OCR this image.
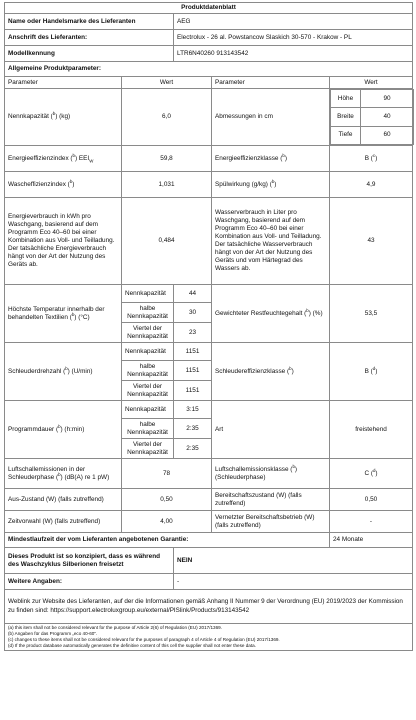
Produktdatenblatt
Name oder Handelsmarke des Lieferanten	AEG
Anschrift des Lieferanten:	Electrolux - 26 al. Powstancow Slaskich 30-570 - Krakow - PL
Modellkennung	LTR6N40260 913143542
Allgemeine Produktparameter:
Parameter	Wert	Parameter	Wert
Nennkapazität ($^b$) (kg)	6,0	Abmessungen in cm	
Höhe	90
Breite	40
Tiefe	60

Energieeffizienzindex ($^b$) $EEI_W$	59,8	Energieeffizienzklasse ($^b$)	B ($^c$)
Wascheffizienzindex ($^b$)	1,031	Spülwirkung (g/kg) ($^b$)	4,9
Energieverbrauch in kWh pro Waschgang, basierend auf dem Programm Eco 40–60 bei einer Kombination aus Voll- und Teilladung. Der tatsächliche Energieverbrauch hängt von der Art der Nutzung des Geräts ab.	0,484	Wasserverbrauch in Liter pro Waschgang, basierend auf dem Programm Eco 40–60 bei einer Kombination aus Voll- und Teilladung. Der tatsächliche Wasserverbrauch hängt von der Art der Nutzung des Geräts und vom Härtegrad des Wassers ab.	43
Höchste Temperatur innerhalb der behandelten Textilien ($^b$) (°C)	Nennkapazität	44	Gewichteter Restfeuchtegehalt ($^b$) (%)	53,5
halbe Nennkapazität	30
Viertel der Nennkapazität	23
Schleuderdrehzahl ($^b$) (U/min)	Nennkapazität	1151	Schleudereffizienzklasse ($^b$)	B ($^d$)
halbe Nennkapazität	1151
Viertel der Nennkapazität	1151
Programmdauer ($^b$) (h:min)	Nennkapazität	3:15	Art	freistehend
halbe Nennkapazität	2:35
Viertel der Nennkapazität	2:35
Luftschallemissionen in der Schleuderphase ($^b$) (dB(A) re 1 pW)	78	Luftschallemissionsklasse ($^b$) (Schleuderphase)	C ($^d$)
Aus-Zustand (W) (falls zutreffend)	0,50	Bereitschaftszustand (W) (falls zutreffend)	0,50
Zeitvorwahl (W) (falls zutreffend)	4,00	Vernetzter Bereitschaftsbetrieb (W) (falls zutreffend)	-
Mindestlaufzeit der vom Lieferanten angebotenen Garantie:	24 Monate
Dieses Produkt ist so konzipiert, dass es während des Waschzyklus Silberionen freisetzt	NEIN
Weitere Angaben:	-
Weblink zur Website des Lieferanten, auf der die Informationen gemäß Anhang II Nummer 9 der Verordnung (EU) 2019/2023 der Kommission zu finden sind: https://support.electroluxgroup.eu/external/PISlink/Products/913143542

(a) this item shall not be considered relevant for the purpose of Article 2(6) of Regulation (EU) 2017/1369.
(b) Angaben für das Programm „eco 40-60".
(c) changes to these items shall not be considered relevant for the purposes of paragraph 4 of Article 4 of Regulation (EU) 2017/1369.
(d) If the product database automatically generates the definitive content of this cell the supplier shall not enter these data.
